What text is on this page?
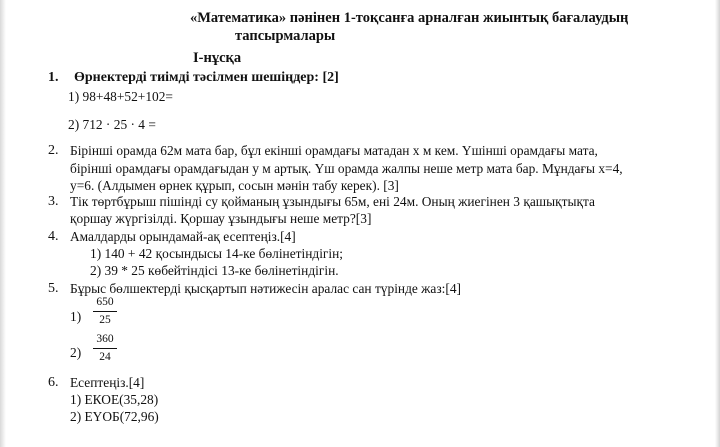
«Математика» пәнінен 1-тоқсанға арналған жиынтық бағалаудың
тапсырмалары
І-нұсқа
1. Өрнектерді тиімді тәсілмен шешіңдер: [2]
1) 98+48+52+102=
2) 712 · 25 · 4 =
2. Бірінші орамда 62м мата бар, бұл екінші орамдағы матадан х м кем. Үшінші орамдағы мата,
бірінші орамдағы орамдағыдан у м артық. Үш орамда жалпы неше метр мата бар. Мұндағы х=4,
у=6. (Алдымен өрнек құрып, сосын мәнін табу керек). [3]
3. Тік төртбұрыш пішінді су қойманың ұзындығы 65м, ені 24м. Оның жиегінен 3 қашықтықта
қоршау жүргізілді. Қоршау ұзындығы неше метр?[3]
4. Амалдарды орындамай-ақ есептеңіз.[4]
1) 140 + 42 қосындысы 14-ке бөлінетіндігін;
2) 39 * 25 көбейтіндісі 13-ке бөлінетіндігін.
5. Бұрыс бөлшектерді қысқартып нәтижесін аралас сан түрінде жаз:[4]
1)
650
25
2)
360
24
6. Есептеңіз.[4]
1) ЕКОЕ(35,28)
2) ЕҮОБ(72,96)
